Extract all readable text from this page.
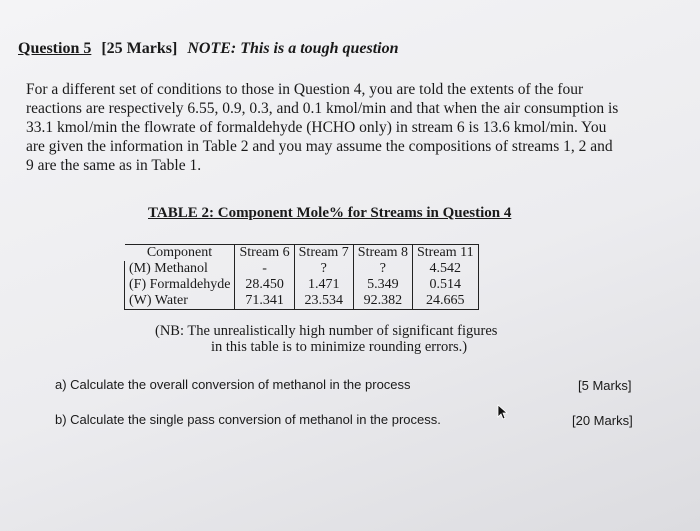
Question 5 [25 Marks] NOTE: This is a tough question
For a different set of conditions to those in Question 4, you are told the extents of the four
reactions are respectively 6.55, 0.9, 0.3, and 0.1 kmol/min and that when the air consumption is
33.1 kmol/min the flowrate of formaldehyde (HCHO only) in stream 6 is 13.6 kmol/min. You
are given the information in Table 2 and you may assume the compositions of streams 1, 2 and
9 are the same as in Table 1.
TABLE 2: Component Mole% for Streams in Question 4
Component	Stream 6	Stream 7	Stream 8	Stream 11
(M) Methanol	-	?	?	4.542
(F) Formaldehyde	28.450	1.471	5.349	0.514
(W) Water	71.341	23.534	92.382	24.665
(NB: The unrealistically high number of significant figures
in this table is to minimize rounding errors.)
a) Calculate the overall conversion of methanol in the process	[5 Marks]
b) Calculate the single pass conversion of methanol in the process.	[20 Marks]
